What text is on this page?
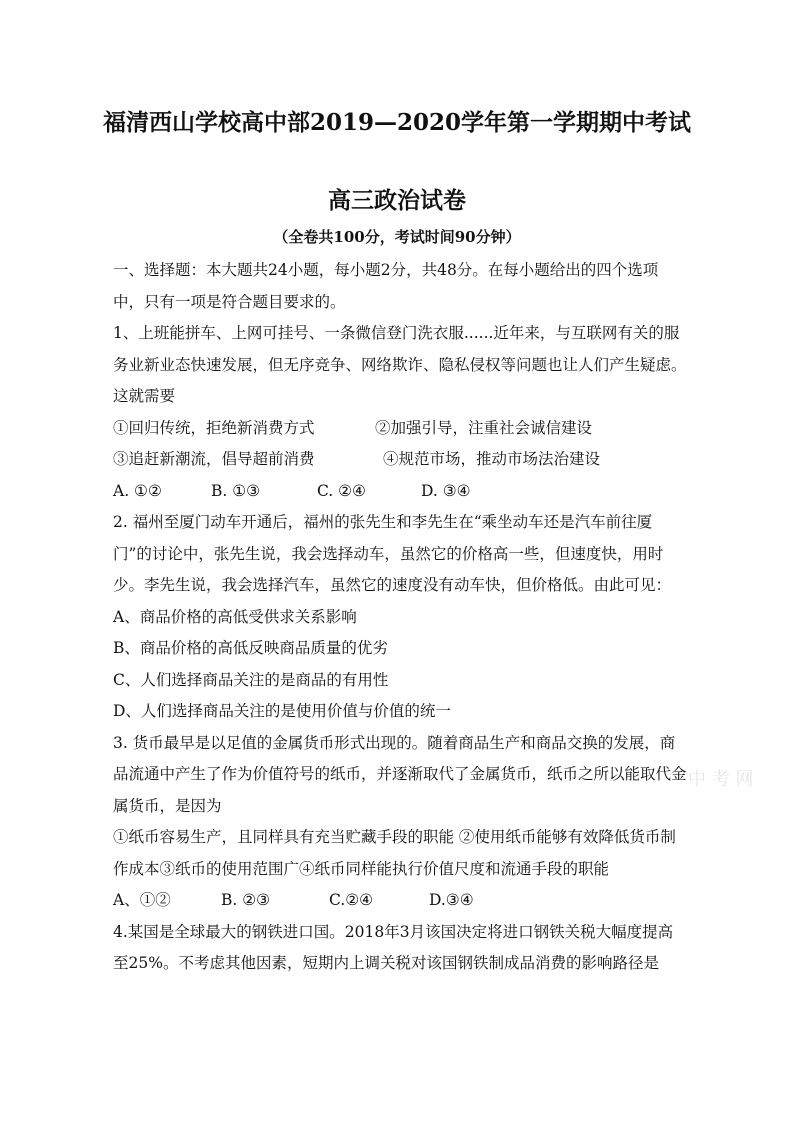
福清西山学校高中部2019—2020学年第一学期期中考试
高三政治试卷
（全卷共100分，考试时间90分钟）

一、选择题：本大题共24小题，每小题2分，共48分。在每小题给出的四个选项中，只有一项是符合题目要求的。

1、上班能拼车、上网可挂号、一条微信登门洗衣服......近年来，与互联网有关的服务业新业态快速发展，但无序竞争、网络欺诈、隐私侵权等问题也让人们产生疑虑。这就需要

①回归传统，拒绝新消费方式	②加强引导，注重社会诚信建设

③追赶新潮流，倡导超前消费	④规范市场，推动市场法治建设

A. ①②	B. ①③	C. ②④	D. ③④

2. 福州至厦门动车开通后，福州的张先生和李先生在“乘坐动车还是汽车前往厦门”的讨论中，张先生说，我会选择动车，虽然它的价格高一些，但速度快，用时少。李先生说，我会选择汽车，虽然它的速度没有动车快，但价格低。由此可见：

A、商品价格的高低受供求关系影响

B、商品价格的高低反映商品质量的优劣

C、人们选择商品关注的是商品的有用性

D、人们选择商品关注的是使用价值与价值的统一

3. 货币最早是以足值的金属货币形式出现的。随着商品生产和商品交换的发展，商品流通中产生了作为价值符号的纸币，并逐渐取代了金属货币，纸币之所以能取代金属货币，是因为

①纸币容易生产，且同样具有充当贮藏手段的职能 ②使用纸币能够有效降低货币制作成本③纸币的使用范围广④纸币同样能执行价值尺度和流通手段的职能

A、①②	B. ②③	C.②④	D.③④

4.某国是全球最大的钢铁进口国。2018年3月该国决定将进口钢铁关税大幅度提高至25%。不考虑其他因素，短期内上调关税对该国钢铁制成品消费的影响路径是

中 考 网
